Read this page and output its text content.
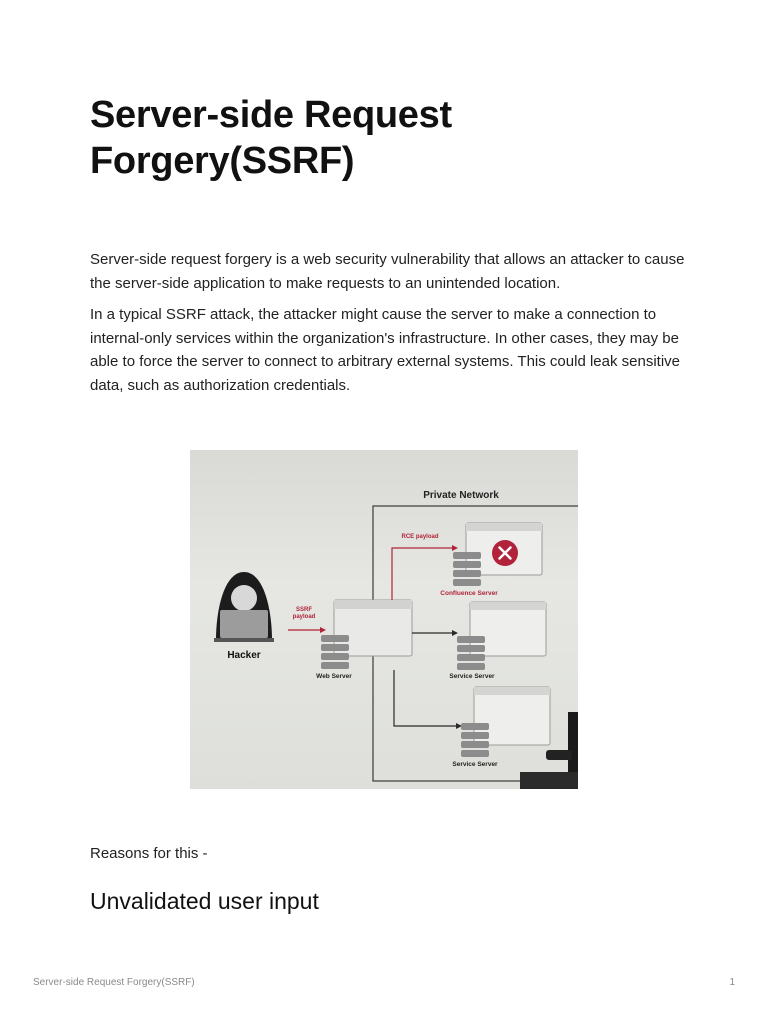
Server-side Request Forgery(SSRF)

Server-side request forgery is a web security vulnerability that allows an attacker to cause the server-side application to make requests to an unintended location.

In a typical SSRF attack, the attacker might cause the server to make a connection to internal-only services within the organization's infrastructure. In other cases, they may be able to force the server to connect to arbitrary external systems. This could leak sensitive data, such as authorization credentials.

Private Network
Hacker
SSRF
payload
Web Server
RCE payload
Confluence Server
Service Server
Service Server

Reasons for this -

Unvalidated user input
Server-side Request Forgery(SSRF)	1
